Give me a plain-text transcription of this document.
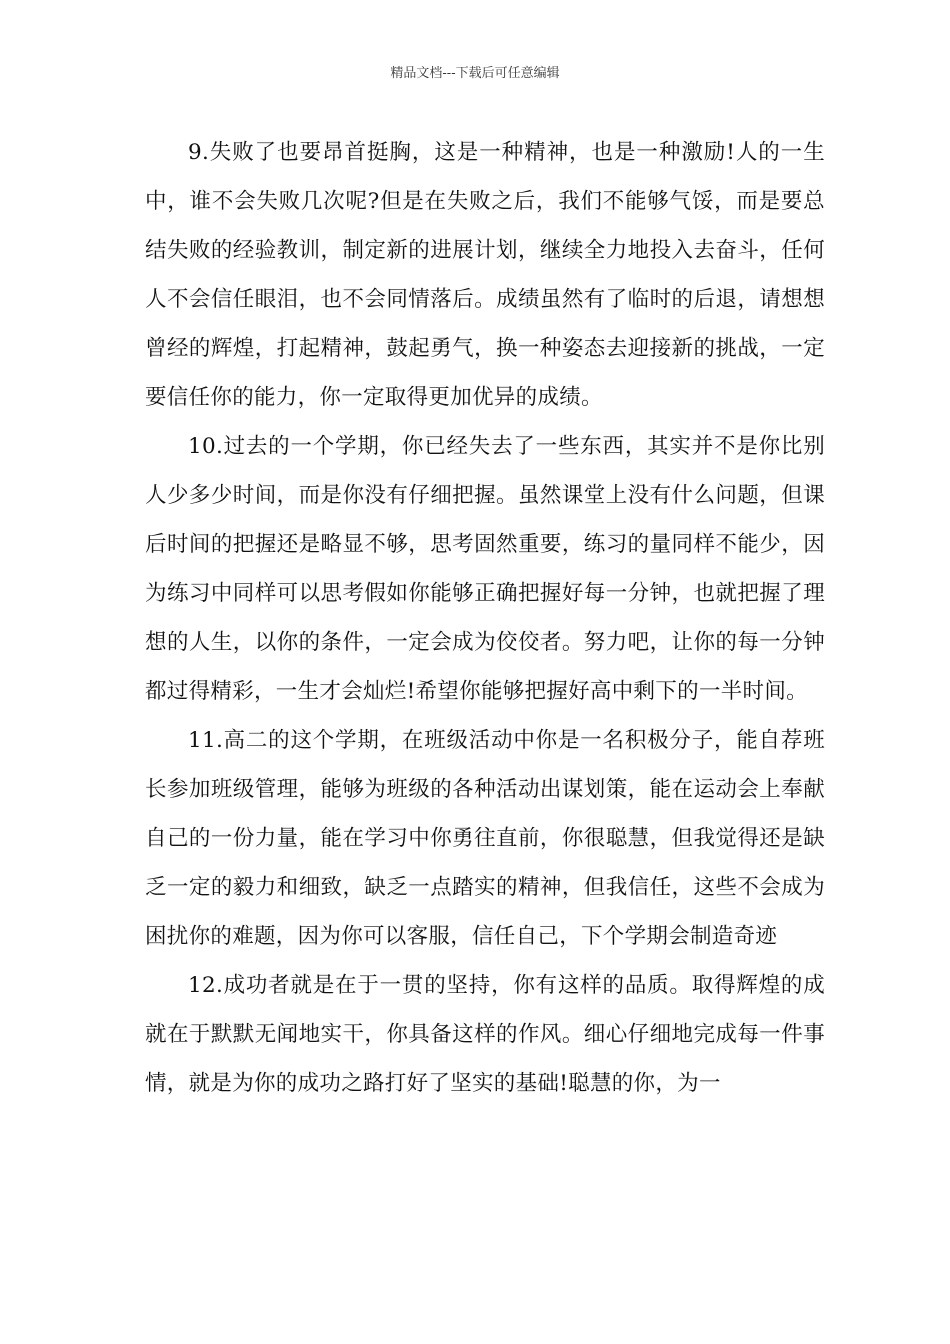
精品文档---下载后可任意编辑

9.失败了也要昂首挺胸，这是一种精神，也是一种激励!人的一生中，谁不会失败几次呢?但是在失败之后，我们不能够气馁，而是要总结失败的经验教训，制定新的进展计划，继续全力地投入去奋斗，任何人不会信任眼泪，也不会同情落后。成绩虽然有了临时的后退，请想想曾经的辉煌，打起精神，鼓起勇气，换一种姿态去迎接新的挑战，一定要信任你的能力，你一定取得更加优异的成绩。

10.过去的一个学期，你已经失去了一些东西，其实并不是你比别人少多少时间，而是你没有仔细把握。虽然课堂上没有什么问题，但课后时间的把握还是略显不够，思考固然重要，练习的量同样不能少，因为练习中同样可以思考假如你能够正确把握好每一分钟，也就把握了理想的人生，以你的条件，一定会成为佼佼者。努力吧，让你的每一分钟都过得精彩，一生才会灿烂!希望你能够把握好高中剩下的一半时间。

11.高二的这个学期，在班级活动中你是一名积极分子，能自荐班长参加班级管理，能够为班级的各种活动出谋划策，能在运动会上奉献自己的一份力量，能在学习中你勇往直前，你很聪慧，但我觉得还是缺乏一定的毅力和细致，缺乏一点踏实的精神，但我信任，这些不会成为困扰你的难题，因为你可以客服，信任自己，下个学期会制造奇迹

12.成功者就是在于一贯的坚持，你有这样的品质。取得辉煌的成就在于默默无闻地实干，你具备这样的作风。细心仔细地完成每一件事情，就是为你的成功之路打好了坚实的基础!聪慧的你，为一
